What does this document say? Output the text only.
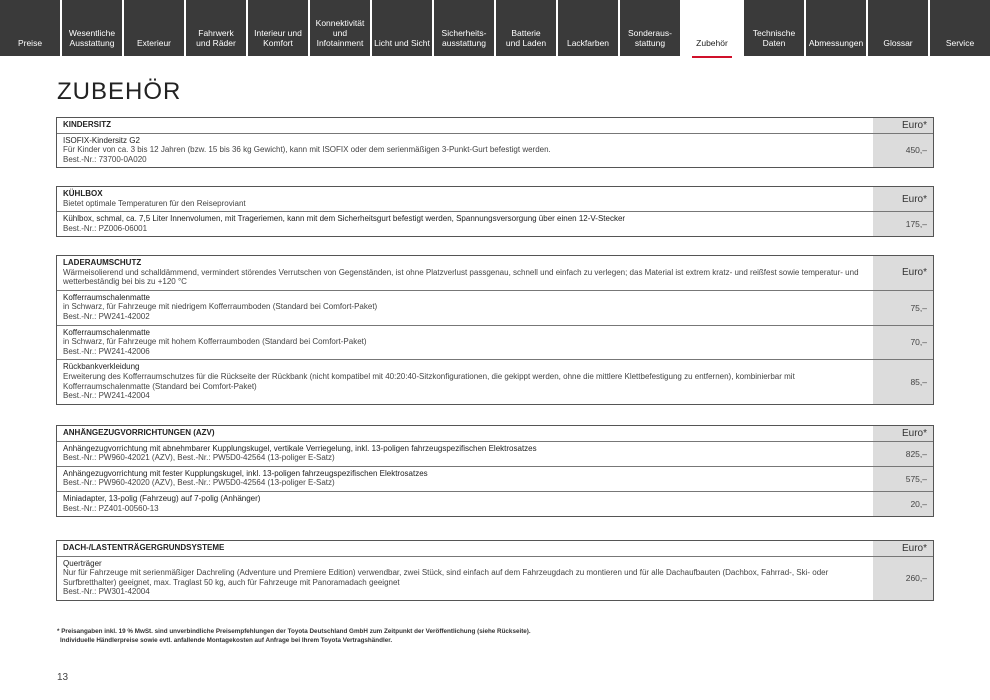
Preise
Wesentliche
Ausstattung	Exterieur
Fahrwerk
und Räder
Interieur und
Komfort
Konnektivität
und
Infotainment Licht und Sicht
Sicherheits-
ausstattung
Batterie
und Laden Lackfarben
Sonderaus-
stattung	Zubehör
Technische
Daten	Abmessungen Glossar	Service
ZUBEHÖR
KINDERSITZ	Euro*
ISOFIX-Kindersitz G2
Für Kinder von ca. 3 bis 12 Jahren (bzw. 15 bis 36 kg Gewicht), kann mit ISOFIX oder dem serienmäßigen 3-Punkt-Gurt befestigt werden.
Best.-Nr.: 73700-0A020
450,–
KÜHLBOX
Bietet optimale Temperaturen für den Reiseproviant	Euro*
Kühlbox, schmal, ca. 7,5 Liter Innenvolumen, mit Trageriemen, kann mit dem Sicherheitsgurt befestigt werden, Spannungsversorgung über einen 12-V-Stecker
Best.-Nr.: PZ006-06001	175,–
LADERAUMSCHUTZ
Wärmeisolierend und schalldämmend, vermindert störendes Verrutschen von Gegenständen, ist ohne Platzverlust passgenau, schnell und einfach zu verlegen; das Material ist extrem kratz- und reißfest sowie temperatur- und wetterbeständig bei bis zu +120 °C
Euro*
Kofferraumschalenmatte
in Schwarz, für Fahrzeuge mit niedrigem Kofferraumboden (Standard bei Comfort-Paket)
Best.-Nr.: PW241-42002
75,–
Kofferraumschalenmatte
in Schwarz, für Fahrzeuge mit hohem Kofferraumboden (Standard bei Comfort-Paket)
Best.-Nr.: PW241-42006
70,–
Rückbankverkleidung
Erweiterung des Kofferraumschutzes für die Rückseite der Rückbank (nicht kompatibel mit 40:20:40-Sitzkonfigurationen, die gekippt werden, ohne die mittlere Klettbefestigung zu entfernen), kombinierbar mit Kofferraumschalenmatte (Standard bei Comfort-Paket)
Best.-Nr.: PW241-42004
85,–
ANHÄNGEZUGVORRICHTUNGEN (AZV)	Euro*
Anhängezugvorrichtung mit abnehmbarer Kupplungskugel, vertikale Verriegelung, inkl. 13-poligen fahrzeugspezifischen Elektrosatzes
Best.-Nr.: PW960-42021 (AZV), Best.-Nr.: PW5D0-42564 (13-poliger E-Satz)	825,–
Anhängezugvorrichtung mit fester Kupplungskugel, inkl. 13-poligen fahrzeugspezifischen Elektrosatzes
Best.-Nr.: PW960-42020 (AZV), Best.-Nr.: PW5D0-42564 (13-poliger E-Satz)	575,–
Miniadapter, 13-polig (Fahrzeug) auf 7-polig (Anhänger)
Best.-Nr.: PZ401-00560-13	20,–
DACH-/LASTENTRÄGERGRUNDSYSTEME	Euro*
Querträger
Nur für Fahrzeuge mit serienmäßiger Dachreling (Adventure und Premiere Edition) verwendbar, zwei Stück, sind einfach auf dem Fahrzeugdach zu montieren und für alle Dachaufbauten (Dachbox, Fahrrad-, Ski- oder Surfbretthalter) geeignet, max. Traglast 50 kg, auch für Fahrzeuge mit Panoramadach geeignet
Best.-Nr.: PW301-42004
260,–
* Preisangaben inkl. 19 % MwSt. sind unverbindliche Preisempfehlungen der Toyota Deutschland GmbH zum Zeitpunkt der Veröffentlichung (siehe Rückseite).
Individuelle Händlerpreise sowie evtl. anfallende Montagekosten auf Anfrage bei Ihrem Toyota Vertragshändler.
13
